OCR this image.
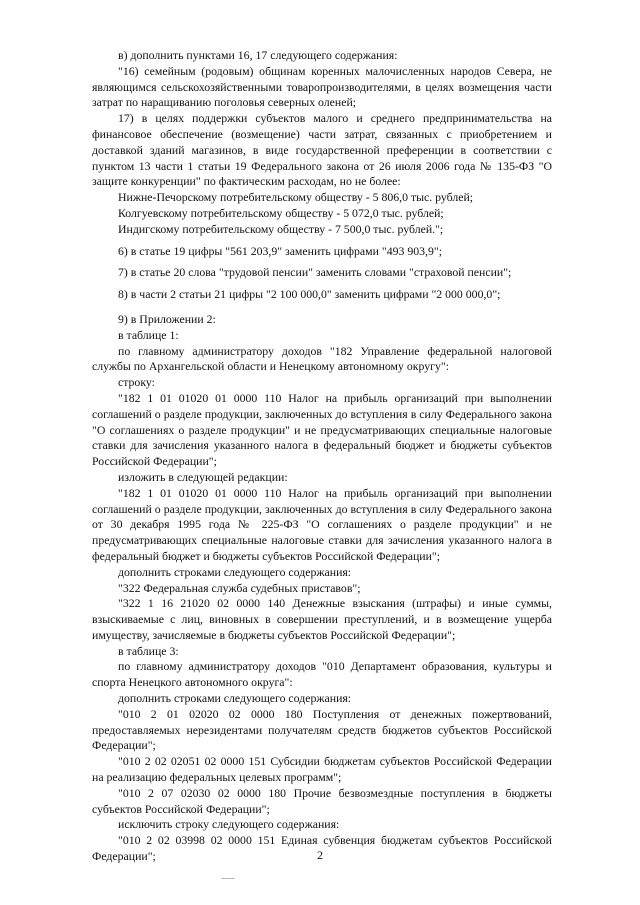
в) дополнить пунктами 16, 17 следующего содержания:

"16) семейным (родовым) общинам коренных малочисленных народов Севера, не являющимся сельскохозяйственными товаропроизводителями, в целях возмещения части затрат по наращиванию поголовья северных оленей;

17) в целях поддержки субъектов малого и среднего предпринимательства на финансовое обеспечение (возмещение) части затрат, связанных с приобретением и доставкой зданий магазинов, в виде государственной преференции в соответствии с пунктом 13 части 1 статьи 19 Федерального закона от 26 июля 2006 года № 135-ФЗ "О защите конкуренции" по фактическим расходам, но не более:

Нижне-Печорскому потребительскому обществу - 5 806,0 тыс. рублей;

Колгуевскому потребительскому обществу - 5 072,0 тыс. рублей;

Индигскому потребительскому обществу - 7 500,0 тыс. рублей.";

6) в статье 19 цифры "561 203,9" заменить цифрами "493 903,9";

7) в статье 20 слова "трудовой пенсии" заменить словами "страховой пенсии";

8) в части 2 статьи 21 цифры "2 100 000,0" заменить цифрами "2 000 000,0";

9) в Приложении 2:

в таблице 1:

по главному администратору доходов "182 Управление федеральной налоговой службы по Архангельской области и Ненецкому автономному округу":

строку:

"182 1 01 01020 01 0000 110 Налог на прибыль организаций при выполнении соглашений о разделе продукции, заключенных до вступления в силу Федерального закона "О соглашениях о разделе продукции" и не предусматривающих специальные налоговые ставки для зачисления указанного налога в федеральный бюджет и бюджеты субъектов Российской Федерации";

изложить в следующей редакции:

"182 1 01 01020 01 0000 110 Налог на прибыль организаций при выполнении соглашений о разделе продукции, заключенных до вступления в силу Федерального закона от 30 декабря 1995 года № 225-ФЗ "О соглашениях о разделе продукции" и не предусматривающих специальные налоговые ставки для зачисления указанного налога в федеральный бюджет и бюджеты субъектов Российской Федерации";

дополнить строками следующего содержания:

"322 Федеральная служба судебных приставов";

"322 1 16 21020 02 0000 140 Денежные взыскания (штрафы) и иные суммы, взыскиваемые с лиц, виновных в совершении преступлений, и в возмещение ущерба имуществу, зачисляемые в бюджеты субъектов Российской Федерации";

в таблице 3:

по главному администратору доходов "010 Департамент образования, культуры и спорта Ненецкого автономного округа":

дополнить строками следующего содержания:

"010 2 01 02020 02 0000 180 Поступления от денежных пожертвований, предоставляемых нерезидентами получателям средств бюджетов субъектов Российской Федерации";

"010 2 02 02051 02 0000 151 Субсидии бюджетам субъектов Российской Федерации на реализацию федеральных целевых программ";

"010 2 07 02030 02 0000 180 Прочие безвозмездные поступления в бюджеты субъектов Российской Федерации";

исключить строку следующего содержания:

"010 2 02 03998 02 0000 151 Единая субвенция бюджетам субъектов Российской Федерации";	2
